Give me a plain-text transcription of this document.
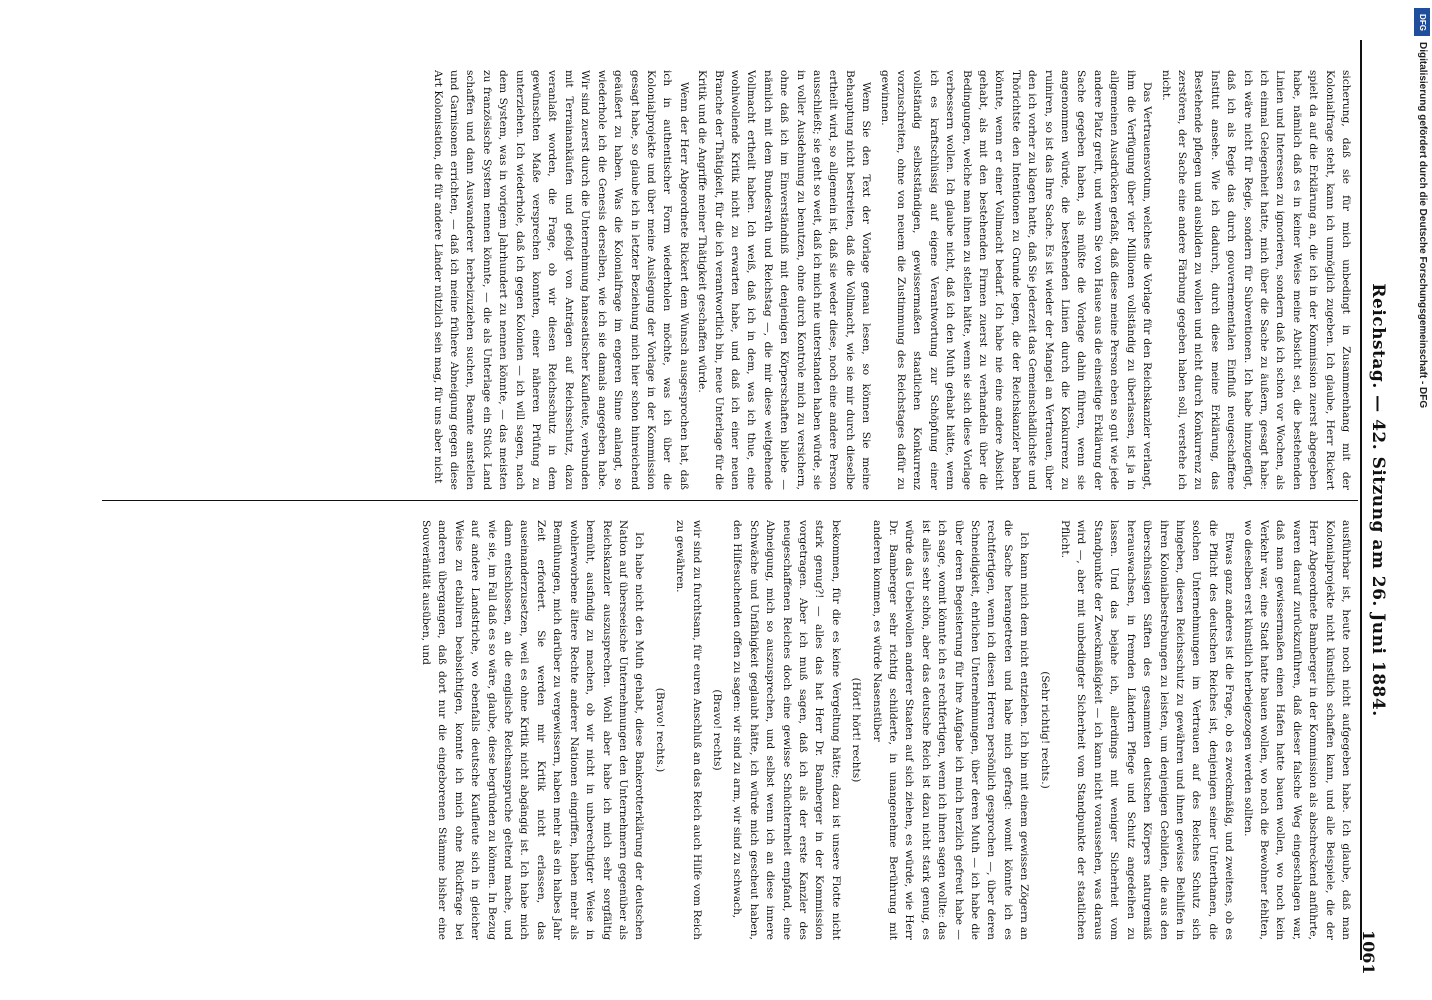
Reichstag. — 42. Sitzung am 26. Juni 1884.
1061

sicherung, daß sie für mich unbedingt in Zusammenhang mit der Kolonialfrage steht, kann ich unmöglich zugeben. Ich glaube, Herr Rickert spielt da auf die Erklärung an, die ich in der Kommission zuerst abgegeben habe, nämlich daß es in keiner Weise meine Absicht sei, die bestehenden Linien und Interessen zu ignorieren, sondern daß ich schon vor Wochen, als ich einmal Gelegenheit hatte, mich über die Sache zu äußern, gesagt habe: ich wäre nicht für Regie, sondern für Subventionen. Ich habe hinzugefügt, daß ich als Regie das durch gouvernementalen Einfluß neugeschaffene Institut ansehe. Wie ich dadurch, durch diese meine Erklärung, das Bestehende pflegen und ausbilden zu wollen und nicht durch Konkurrenz zu zerstören, der Sache eine andere Färbung gegeben haben soll, verstehe ich nicht.

Das Vertrauensvotum, welches die Vorlage für den Reichskanzler verlangt, ihm die Verfügung über vier Millionen vollständig zu überlassen, ist ja in allgemeinen Ausdrücken gefaßt, daß diese meine Person eben so gut wie jede andere Platz greift, und wenn Sie von Hause aus die einseitige Erklärung der Sache gegeben haben, als müßte die Vorlage dahin führen, wenn sie angenommen würde, die bestehenden Linien durch die Konkurrenz zu ruiniren, so ist das Ihre Sache. Es ist wieder der Mangel an Vertrauen, über den ich vorher zu klagen hatte, daß Sie jederzeit das Gemeinschädlichste und Thörichtste den Intentionen zu Grunde legen, die der Reichskanzler haben könnte, wenn er einer Vollmacht bedarf. Ich habe nie eine andere Absicht gehabt, als mit den bestehenden Firmen zuerst zu verhandeln über die Bedingungen, welche man ihnen zu stellen hätte, wenn sie sich diese Vorlage verbessern wollen. Ich glaube nicht, daß ich den Muth gehabt hätte, wenn ich es kraftschlüssig auf eigene Verantwortung zur Schöpfung einer vollständig selbstständigen, gewissermaßen staatlichen Konkurrenz vorzuschreiten, ohne von neuem die Zustimmung des Reichstages dafür zu gewinnen.

Wenn Sie den Text der Vorlage genau lesen, so können Sie meine Behauptung nicht bestreiten, daß die Vollmacht, wie sie mir durch dieselbe ertheilt wird, so allgemein ist, daß sie weder diese, noch eine andere Person ausschließt; sie geht so weit, daß ich mich nie unterstanden haben würde, sie in voller Ausdehnung zu benutzen, ohne durch Kontrole mich zu versichern, ohne daß ich im Einverständniß mit denjenigen Körperschaften bliebe — nämlich mit dem Bundesrath und Reichstag —, die mir diese weitgehende Vollmacht ertheilt haben. Ich weiß, daß ich in dem, was ich thue, eine wohlwollende Kritik nicht zu erwarten habe, und daß ich einer neuen Branche der Thätigkeit, für die ich verantwortlich bin, neue Unterlage für die Kritik und die Angriffe meiner Thätigkeit geschaffen würde.

Wenn der Herr Abgeordnete Rickert dem Wunsch ausgesprochen hat, daß ich in authentischer Form wiederholen möchte, was ich über die Kolonialprojekte und über meine Auslegung der Vorlage in der Kommission gesagt habe, so glaube ich in letzter Beziehung mich hier schon hinreichend geäußert zu haben. Was die Kolonialfrage im engeren Sinne anlangt, so wiederhole ich die Genesis derselben, wie ich sie damals angegeben habe. Wir sind zuerst durch die Unternehmung hanseatischer Kaufleute, verbunden mit Terrainankäufen und gefolgt von Anträgen auf Reichsschutz, dazu veranlaßt worden, die Frage, ob wir diesen Reichsschutz in dem gewünschten Maße versprechen konnten, einer näheren Prüfung zu unterziehen. Ich wiederhole, daß ich gegen Kolonien — ich will sagen, nach dem System, was in vorigem Jahrhundert zu nennen könnte, — das meisten zu französische System nennen könnte, — die als Unterlage ein Stück Land schaffen und dann Auswanderer herbeizuziehen suchen, Beamte anstellen und Garnisonen errichten, — daß ich meine frühere Abneigung gegen diese Art Kolonisation, die für andere Länder nützlich sein mag, für uns aber nicht

ausführbar ist, heute noch nicht aufgegeben habe. Ich glaube, daß man Kolonialprojekte nicht künstlich schaffen kann, und alle Beispiele, die der Herr Abgeordnete Bamberger in der Kommission als abschreckend anführte, waren darauf zurückzuführen, daß dieser falsche Weg eingeschlagen war, daß man gewissermaßen einen Hafen hatte bauen wollen, wo noch kein Verkehr war, eine Stadt hatte bauen wollen, wo noch die Bewohner fehlten, wo dieselben erst künstlich herbeigezogen werden sollten.

Etwas ganz anderes ist die Frage, ob es zweckmäßig, und zweitens, ob es die Pflicht des deutschen Reiches ist, denjenigen seiner Unterthanen, die solchen Unternehmungen im Vertrauen auf des Reiches Schutz sich hingeben, diesen Reichsschutz zu gewähren und ihnen gewisse Beihilfen in ihren Kolonialbestrebungen zu leisten, um denjenigen Gebilden, die aus den überschüssigen Säften des gesammten deutschen Körpers naturgemäß herauswachsen, in fremden Ländern Pflege und Schutz angedeihen zu lassen. Und das bejahe ich, allerdings mit weniger Sicherheit vom Standpunkte der Zweckmäßigkeit — ich kann nicht voraussehen, was daraus wird —, aber mit unbedingter Sicherheit vom Standpunkte der staatlichen Pflicht.

(Sehr richtig! rechts.)

Ich kann mich dem nicht entziehen. Ich bin mit einem gewissen Zögern an die Sache herangetreten und habe mich gefragt: womit könnte ich es rechtfertigen, wenn ich diesen Herren persönlich gesprochen —, über deren Schneidigkeit, ehrlichen Unternehmungen, über deren Muth — ich habe die über deren Begeisterung für ihre Aufgabe ich mich herzlich gefreut habe — ich sage, womit könnte ich es rechtfertigen, wenn ich ihnen sagen wollte: das ist alles sehr schön, aber das deutsche Reich ist dazu nicht stark genug, es würde das Uebelwollen anderer Staaten auf sich ziehen, es würde, wie Herr Dr. Bamberger sehr richtig schilderte, in unangenehme Berührung mit anderen kommen, es würde Nasenstüber

(Hört! hört! rechts)

bekommen, für die es keine Vergeltung hätte; dazu ist unsere Flotte nicht stark genug?! — alles das hat Herr Dr. Bamberger in der Kommission vorgetragen. Aber ich muß sagen, daß ich als der erste Kanzler des neugeschaffenen Reiches doch eine gewisse Schüchternheit empfand, eine Abneigung, mich so auszusprechen, und selbst wenn ich an diese innere Schwäche und Unfähigkeit geglaubt hätte, ich würde mich gescheut haben, den Hilfesuchenden offen zu sagen: wir sind zu arm, wir sind zu schwach,

(Bravo! rechts)

wir sind zu furchtsam, für euren Anschluß an das Reich auch Hilfe vom Reich zu gewähren.

(Bravo! rechts.)

Ich habe nicht den Muth gehabt, diese Bankerotterklärung der deutschen Nation auf überseeische Unternehmungen den Unternehmern gegenüber als Reichskanzler auszusprechen. Wohl aber habe ich mich sehr sorgfältig bemüht, ausfindig zu machen, ob wir nicht in unberechtigter Weise in wohlerworbene ältere Rechte anderer Nationen eingriffen, haben mehr als Bemühungen, mich darüber zu vergewissern, haben mehr als ein halbes Jahr Zeit erfordert. Sie werden mir Kritik nicht erlassen, das auseinanderzusetzen, weil es ohne Kritik nicht abgängig ist. Ich habe mich dann entschlossen, an die englische Reichsanspruche geltend mache, und wie sie, im Fall daß es so wäre, glaube, diese begründen zu können. In Bezug auf andere Landstriche, wo ebenfalls deutsche Kaufleute sich in gleicher Weise zu etabliren beabsichtigen, konnte ich mich ohne Rückfrage bei anderen übergangen, daß dort nur die eingeborenen Stämme bisher eine Souveränität ausüben, und

DFG
Digitalisierung gefördert durch die Deutsche Forschungsgemeinschaft - DFG
